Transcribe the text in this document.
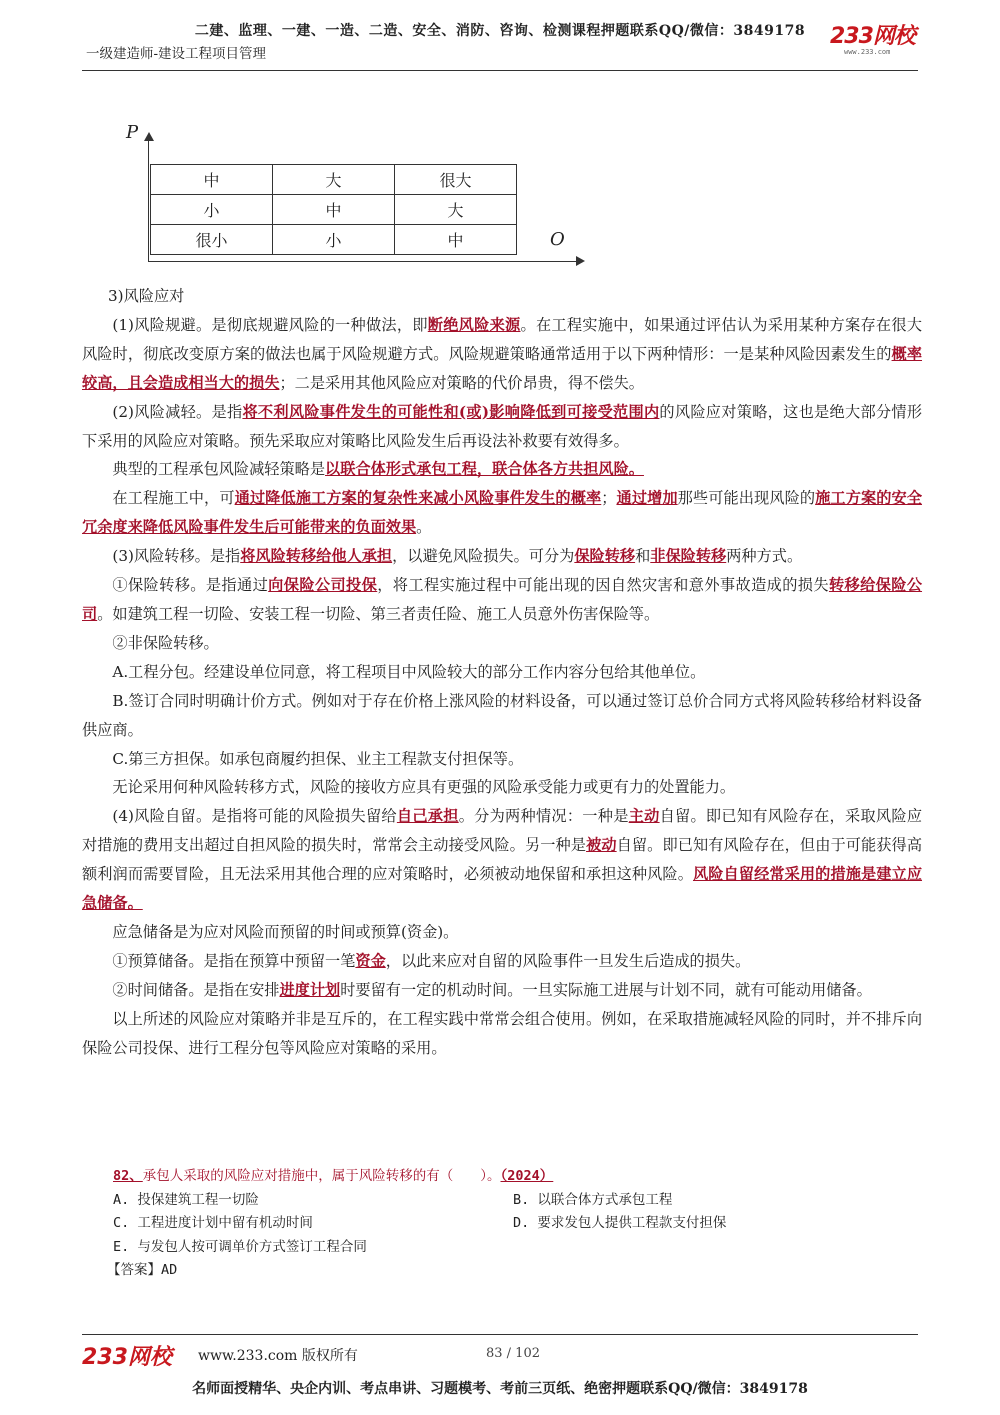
二建、监理、一建、一造、二造、安全、消防、咨询、检测课程押题联系QQ/微信：3849178
一级建造师-建设工程项目管理
233网校
www.233.com
P
O
中	大	很大
小	中	大
很小	小	中

3)风险应对

(1)风险规避。是彻底规避风险的一种做法，即断绝风险来源。在工程实施中，如果通过评估认为采用某种方案存在很大风险时，彻底改变原方案的做法也属于风险规避方式。风险规避策略通常适用于以下两种情形：一是某种风险因素发生的概率较高，且会造成相当大的损失；二是采用其他风险应对策略的代价昂贵，得不偿失。

(2)风险减轻。是指将不利风险事件发生的可能性和(或)影响降低到可接受范围内的风险应对策略，这也是绝大部分情形下采用的风险应对策略。预先采取应对策略比风险发生后再设法补救要有效得多。

典型的工程承包风险减轻策略是以联合体形式承包工程，联合体各方共担风险。

在工程施工中，可通过降低施工方案的复杂性来减小风险事件发生的概率；通过增加那些可能出现风险的施工方案的安全冗余度来降低风险事件发生后可能带来的负面效果。

(3)风险转移。是指将风险转移给他人承担，以避免风险损失。可分为保险转移和非保险转移两种方式。

①保险转移。是指通过向保险公司投保，将工程实施过程中可能出现的因自然灾害和意外事故造成的损失转移给保险公司。如建筑工程一切险、安装工程一切险、第三者责任险、施工人员意外伤害保险等。

②非保险转移。

A.工程分包。经建设单位同意，将工程项目中风险较大的部分工作内容分包给其他单位。

B.签订合同时明确计价方式。例如对于存在价格上涨风险的材料设备，可以通过签订总价合同方式将风险转移给材料设备供应商。

C.第三方担保。如承包商履约担保、业主工程款支付担保等。

无论采用何种风险转移方式，风险的接收方应具有更强的风险承受能力或更有力的处置能力。

(4)风险自留。是指将可能的风险损失留给自己承担。分为两种情况：一种是主动自留。即已知有风险存在，采取风险应对措施的费用支出超过自担风险的损失时，常常会主动接受风险。另一种是被动自留。即已知有风险存在，但由于可能获得高额利润而需要冒险，且无法采用其他合理的应对策略时，必须被动地保留和承担这种风险。风险自留经常采用的措施是建立应急储备。

应急储备是为应对风险而预留的时间或预算(资金)。

①预算储备。是指在预算中预留一笔资金，以此来应对自留的风险事件一旦发生后造成的损失。

②时间储备。是指在安排进度计划时要留有一定的机动时间。一旦实际施工进展与计划不同，就有可能动用储备。

以上所述的风险应对策略并非是互斥的，在工程实践中常常会组合使用。例如，在采取措施减轻风险的同时，并不排斥向保险公司投保、进行工程分包等风险应对策略的采用。

82、承包人采取的风险应对措施中，属于风险转移的有（　　）。（2024）
A. 投保建筑工程一切险	B. 以联合体方式承包工程
C. 工程进度计划中留有机动时间	D. 要求发包人提供工程款支付担保
E. 与发包人按可调单价方式签订工程合同
【答案】AD
233网校 www.233.com 版权所有	83 / 102
名师面授精华、央企内训、考点串讲、习题模考、考前三页纸、绝密押题联系QQ/微信：3849178
